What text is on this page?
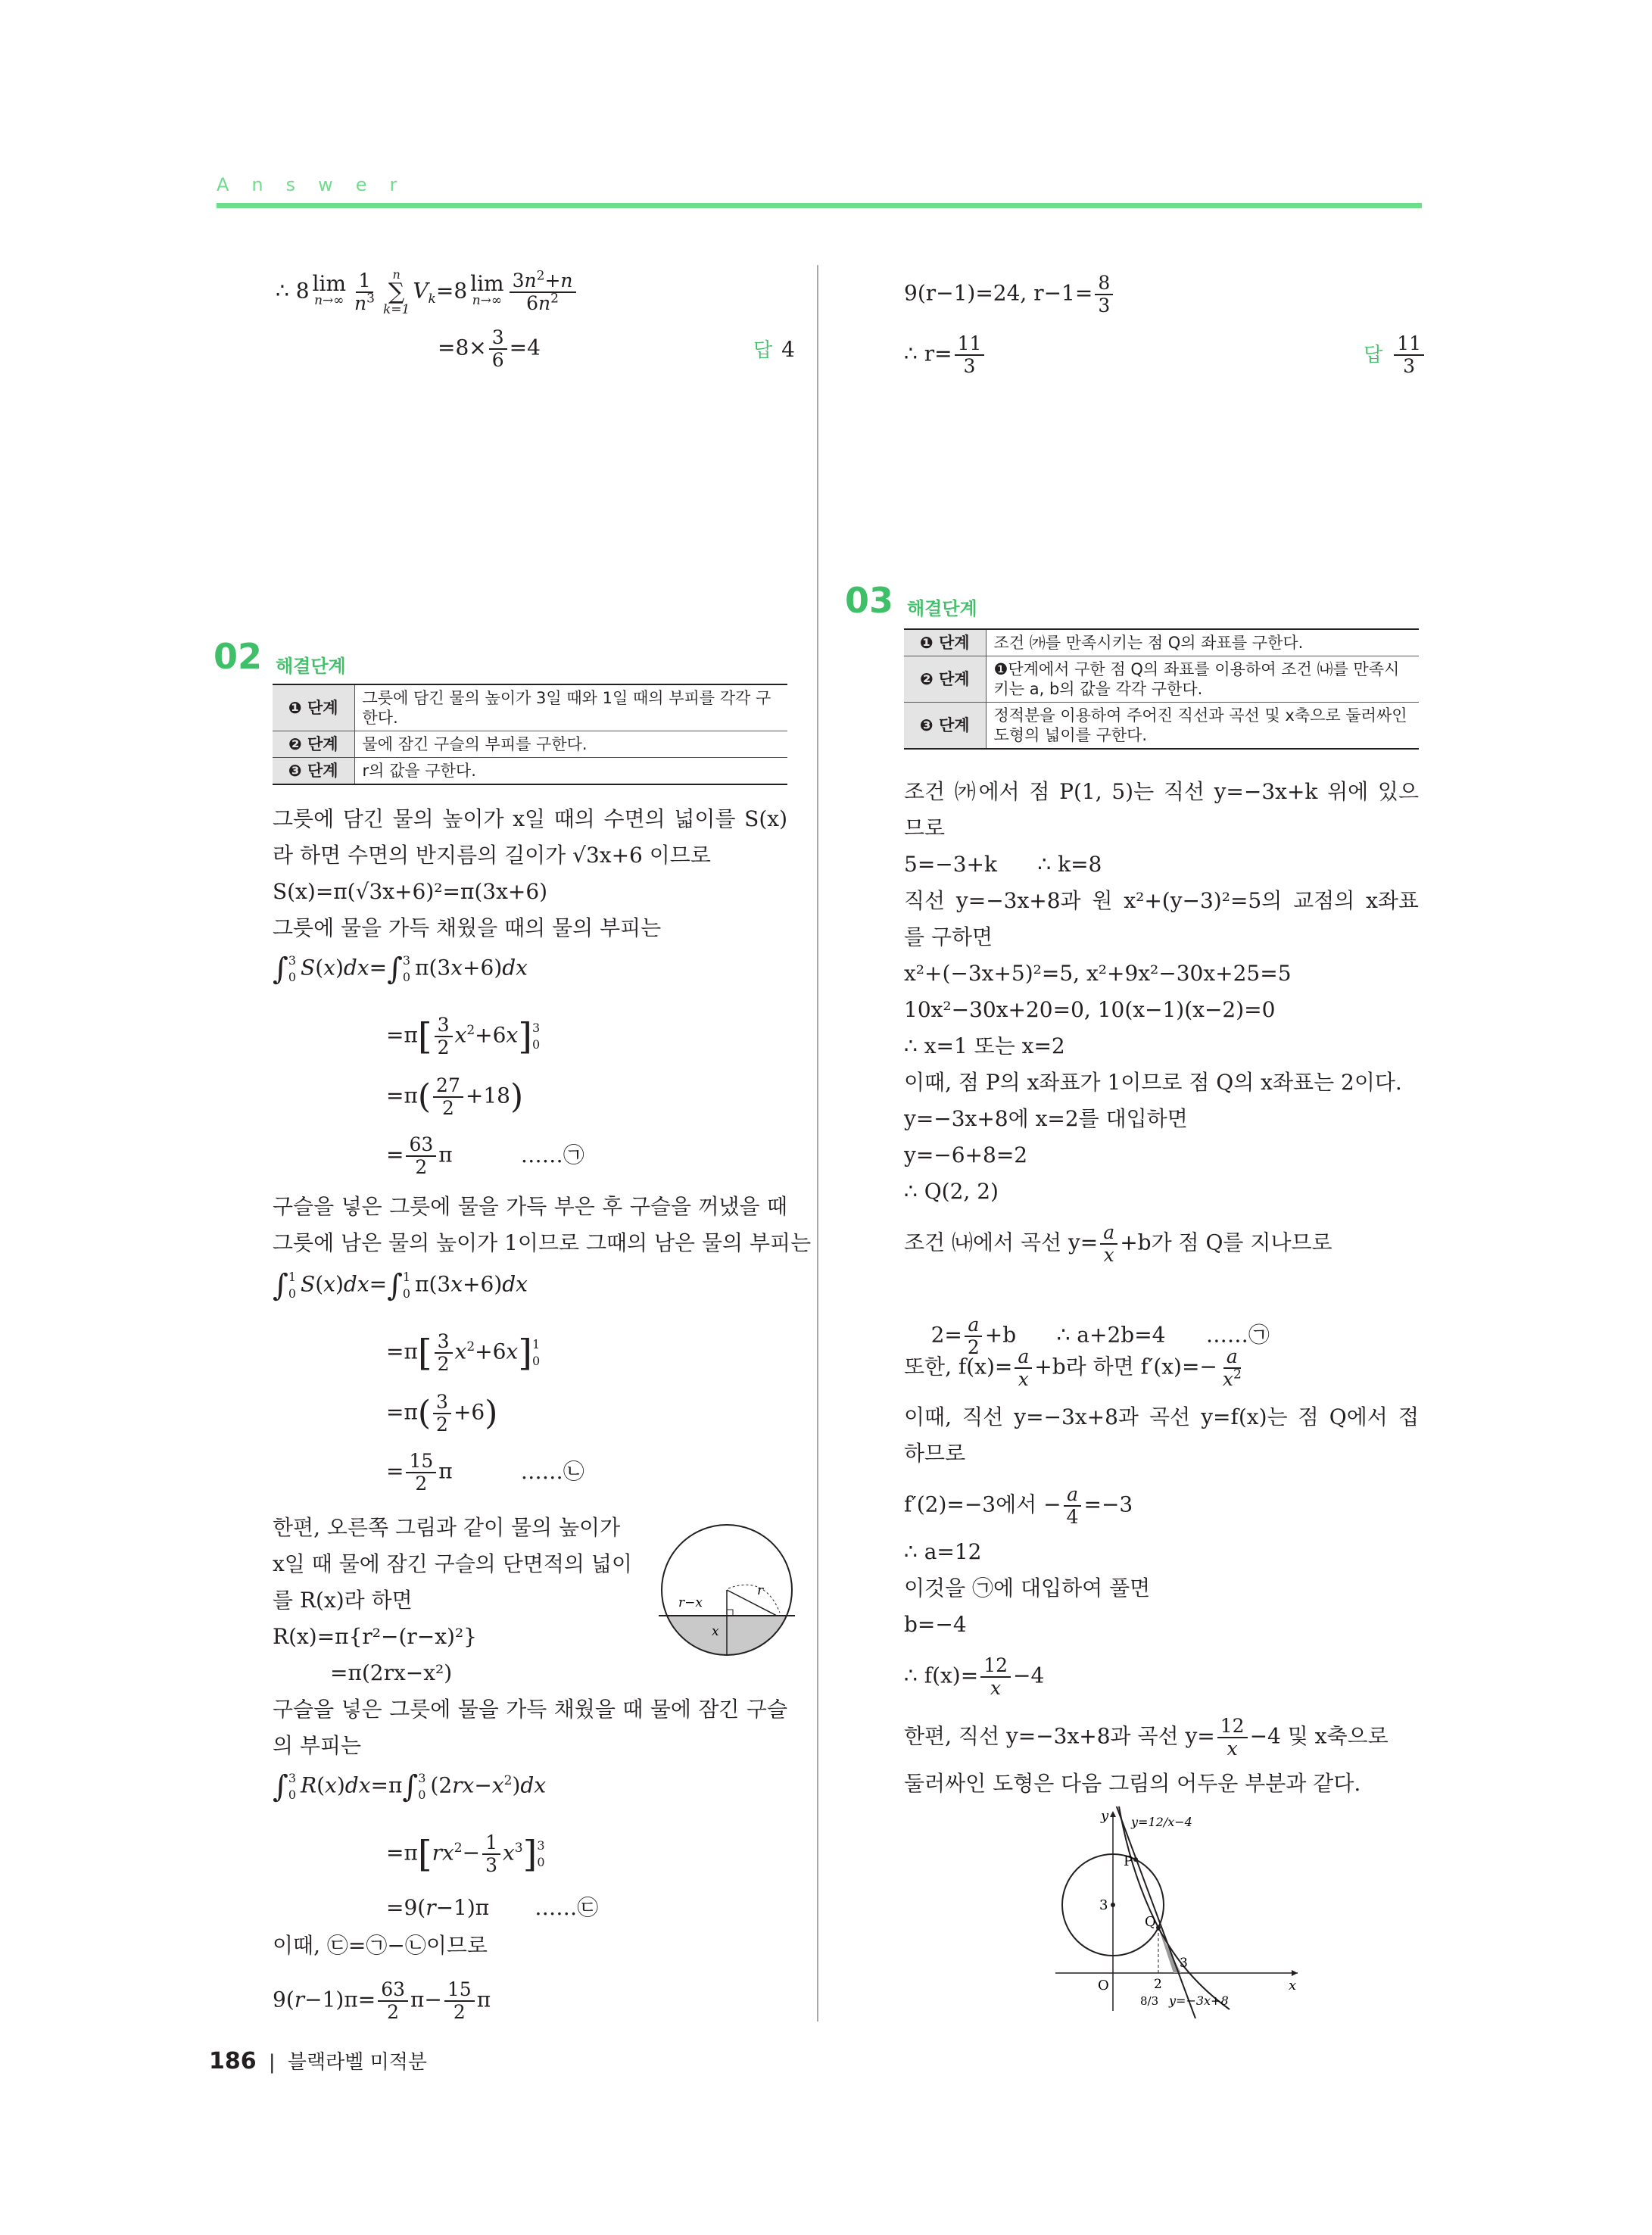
Answer
∴ 8 lim
$n\to\infty \frac{1}{n^3}$ n
∑
k=1
$V_k=8$ lim
$n\to\infty \frac{3n^2+n}{6n^2}$
$=8\times \frac{3}{6} =4$	답 4
02 해결단계
❶ 단계	그릇에 담긴 물의 높이가 3일 때와 1일 때의 부피를 각각 구한다.
❷ 단계	물에 잠긴 구슬의 부피를 구한다.
❸ 단계	r의 값을 구한다.
그릇에 담긴 물의 높이가 x일 때의 수면의 넓이를 S(x)
라 하면 수면의 반지름의 길이가 √3x+6 이므로
S(x)=π(√3x+6)²=π(3x+6)
그릇에 물을 가득 채웠을 때의 물의 부피는
∫ 3
0 S(x)dx=∫ 3
0 π(3x+6)dx
$=\pi[ \frac{3}{2} x^2+6x]$ 3
0
$=\pi( \frac{27}{2} +18)$
= $\frac{63}{2}$ π	……㉠
구슬을 넣은 그릇에 물을 가득 부은 후 구슬을 꺼냈을 때
그릇에 남은 물의 높이가 1이므로 그때의 남은 물의 부피는
∫ 1
0 S(x)dx=∫ 1
0 π(3x+6)dx
$=\pi[ \frac{3}{2} x^2+6x]$ 1
0
$=\pi( \frac{3}{2} +6)$
= $\frac{15}{2}$ π	……㉡
한편, 오른쪽 그림과 같이 물의 높이가
x일 때 물에 잠긴 구슬의 단면적의 넓이
를 R(x)라 하면
R(x)=π{r²−(r−x)²}
=π(2rx−x²)
r−x
r
x
구슬을 넣은 그릇에 물을 가득 채웠을 때 물에 잠긴 구슬
의 부피는
∫ 3
0 R(x)dx=π∫ 3
0 $(2rx-x^2)dx$
$=\pi[rx^2- \frac{1}{3} x^3]$ 3
0
=9(r−1)π ……㉢
이때, ㉢=㉠−㉡이므로
$9(r-1)\pi= \frac{63}{2} \pi- \frac{15}{2}$ π
9(r−1)=24, $r-1= \frac{8}{3}$
∴ $r= \frac{11}{3}$	답 $\frac{11}{3}$
03 해결단계
❶ 단계	조건 ㈎를 만족시키는 점 Q의 좌표를 구한다.
❷ 단계	❶단계에서 구한 점 Q의 좌표를 이용하여 조건 ㈏를 만족시키는 a, b의 값을 각각 구한다.
❸ 단계	정적분을 이용하여 주어진 직선과 곡선 및 x축으로 둘러싸인 도형의 넓이를 구한다.
조건 ㈎에서 점 P(1, 5)는 직선 y=−3x+k 위에 있으
므로
5=−3+k      ∴ k=8
직선 y=−3x+8과 원 x²+(y−3)²=5의 교점의 x좌표
를 구하면
x²+(−3x+5)²=5, x²+9x²−30x+25=5
10x²−30x+20=0, 10(x−1)(x−2)=0
∴ x=1 또는 x=2
이때, 점 P의 x좌표가 1이므로 점 Q의 x좌표는 2이다.
y=−3x+8에 x=2를 대입하면
y=−6+8=2
∴ Q(2, 2)
조건 ㈏에서 곡선 $y= \frac{a}{x} +b$가 점 Q를 지나므로

$2= \frac{a}{2} +b$      ∴ a+2b=4      ……㉠

또한, $f(x)= \frac{a}{x} +b$라 하면 $f'(x)=- \frac{a}{x^2}$
이때, 직선 y=−3x+8과 곡선 y=f(x)는 점 Q에서 접
하므로
f′(2)=−3에서 − $\frac{a}{4} =-3$
∴ a=12
이것을 ㉠에 대입하여 풀면
b=−4
∴ $f(x)= \frac{12}{x} -4$
한편, 직선 y=−3x+8과 곡선 $y= \frac{12}{x} -4$ 및 x축으로
둘러싸인 도형은 다음 그림의 어두운 부분과 같다.
y
x
O
P
Q
3
2
3
8/3
y=12/x−4
y=−3x+8
186 | 블랙라벨 미적분
